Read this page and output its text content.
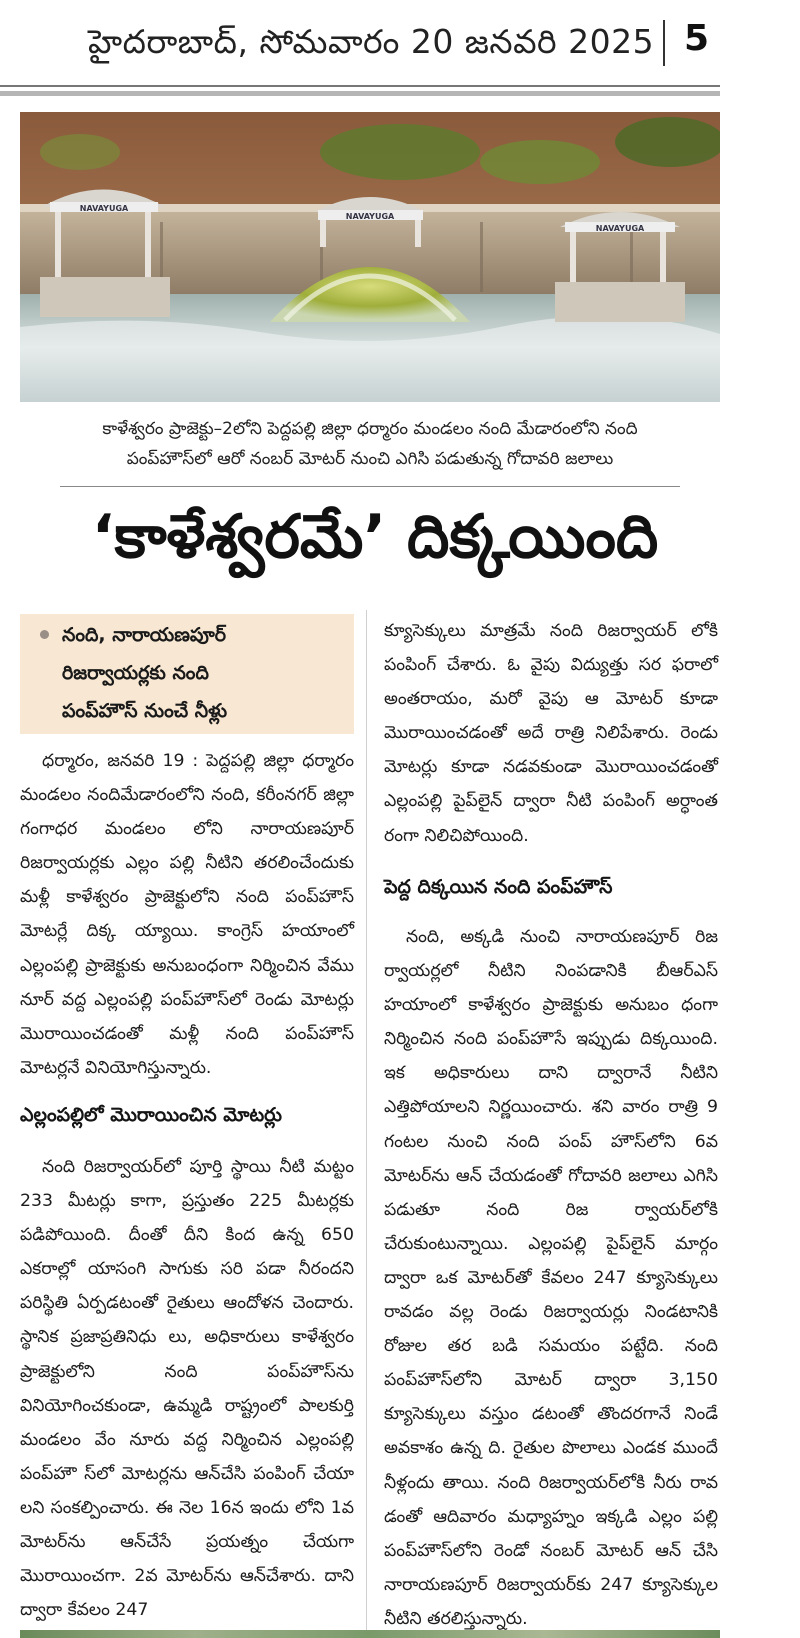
హైదరాబాద్, సోమవారం 20 జనవరి 2025 5
NAVAYUGA
NAVAYUGA
NAVAYUGA
కాళేశ్వరం ప్రాజెక్టు–2లోని పెద్దపల్లి జిల్లా ధర్మారం మండలం నంది మేడారంలోని నంది
పంప్‌హౌస్‌లో ఆరో నంబర్ మోటర్ నుంచి ఎగిసి పడుతున్న గోదావరి జలాలు
‘కాళేశ్వరమే’ దిక్కయింది
నంది, నారాయణపూర్
రిజర్వాయర్లకు నంది
పంప్‌హౌస్ నుంచే నీళ్లు
ధర్మారం, జనవరి 19 : పెద్దపల్లి జిల్లా ధర్మారం మండలం నందిమేడారంలోని నంది, కరీంనగర్ జిల్లా గంగాధర మండలం లోని నారాయణపూర్ రిజర్వాయర్లకు ఎల్లం పల్లి నీటిని తరలించేందుకు మళ్లీ కాళేశ్వరం ప్రాజెక్టులోని నంది పంప్‌హౌస్ మోటర్లే దిక్క య్యాయి. కాంగ్రెస్ హయాంలో ఎల్లంపల్లి ప్రాజెక్టుకు అనుబంధంగా నిర్మించిన వేము నూర్ వద్ద ఎల్లంపల్లి పంప్‌హౌస్‌లో రెండు మోటర్లు మొరాయించడంతో మళ్లీ నంది పంప్‌హౌస్ మోటర్లనే వినియోగిస్తున్నారు.
ఎల్లంపల్లిలో మొరాయించిన మోటర్లు
నంది రిజర్వాయర్‌లో పూర్తి స్థాయి నీటి మట్టం 233 మీటర్లు కాగా, ప్రస్తుతం 225 మీటర్లకు పడిపోయింది. దీంతో దీని కింద ఉన్న 650 ఎకరాల్లో యాసంగి సాగుకు సరి పడా నీరందని పరిస్థితి ఏర్పడటంతో రైతులు ఆందోళన చెందారు. స్థానిక ప్రజాప్రతినిధు లు, అధికారులు కాళేశ్వరం ప్రాజెక్టులోని నంది పంప్‌హౌస్‌ను వినియోగించకుండా, ఉమ్మడి రాష్ట్రంలో పాలకుర్తి మండలం వేం నూరు వద్ద నిర్మించిన ఎల్లంపల్లి పంప్‌హౌ స్‌లో మోటర్లను ఆన్‌చేసి పంపింగ్ చేయా లని సంకల్పించారు. ఈ నెల 16న ఇందు లోని 1వ మోటర్‌ను ఆన్‌చేసే ప్రయత్నం చేయగా మొరాయించగా. 2వ మోటర్‌ను ఆన్‌చేశారు. దాని ద్వారా కేవలం 247
క్యూసెక్కులు మాత్రమే నంది రిజర్వాయర్ లోకి పంపింగ్ చేశారు. ఓ వైపు విద్యుత్తు సర ఫరాలో అంతరాయం, మరో వైపు ఆ మోటర్ కూడా మొరాయించడంతో అదే రాత్రి నిలిపేశారు. రెండు మోటర్లు కూడా నడవకుండా మొరాయించడంతో ఎల్లంపల్లి పైప్‌లైన్ ద్వారా నీటి పంపింగ్ అర్ధాంత రంగా నిలిచిపోయింది.
పెద్ద దిక్కయిన నంది పంప్‌హౌస్
నంది, అక్కడి నుంచి నారాయణపూర్ రిజ ర్వాయర్లలో నీటిని నింపడానికి బీఆర్‌ఎస్ హయాంలో కాళేశ్వరం ప్రాజెక్టుకు అనుబం ధంగా నిర్మించిన నంది పంప్‌హౌసే ఇప్పుడు దిక్కయింది. ఇక అధికారులు దాని ద్వారానే నీటిని ఎత్తిపోయాలని నిర్ణయించారు. శని వారం రాత్రి 9 గంటల నుంచి నంది పంప్ హౌస్‌లోని 6వ మోటర్‌ను ఆన్ చేయడంతో గోదావరి జలాలు ఎగిసి పడుతూ నంది రిజ ర్వాయర్‌లోకి చేరుకుంటున్నాయి. ఎల్లంపల్లి పైప్‌లైన్ మార్గం ద్వారా ఒక మోటర్‌తో కేవలం 247 క్యూసెక్కులు రావడం వల్ల రెండు రిజర్వాయర్లు నిండటానికి రోజుల తర బడి సమయం పట్టేది. నంది పంప్‌హౌస్‌లోని మోటర్ ద్వారా 3,150 క్యూసెక్కులు వస్తుం డటంతో తొందరగానే నిండే అవకాశం ఉన్న ది. రైతుల పొలాలు ఎండక ముందే నీళ్లందు తాయి. నంది రిజర్వాయర్‌లోకి నీరు రావ డంతో ఆదివారం మధ్యాహ్నం ఇక్కడి ఎల్లం పల్లి పంప్‌హౌస్‌లోని రెండో నంబర్ మోటర్ ఆన్ చేసి నారాయణపూర్ రిజర్వాయర్‌కు 247 క్యూసెక్కుల నీటిని తరలిస్తున్నారు.
